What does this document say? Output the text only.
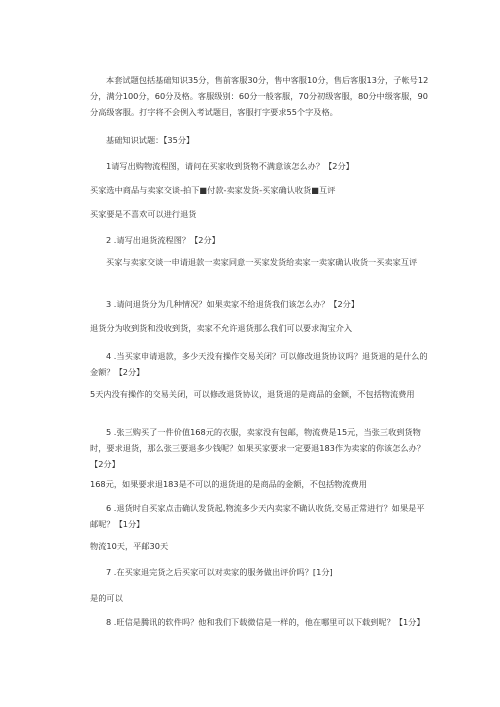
本套试题包括基础知识35分，售前客服30分，售中客服10分，售后客服13分，子帐号12分，满分100分，60分及格。客服级别：60分一般客服，70分初级客服，80分中级客服，90分高级客服。打字将不会例入考试题目，客服打字要求55个字及格。

基础知识试题：【35分】

1请写出购物流程图，请问在买家收到货物不满意该怎么办？【2分】

买家选中商品与卖家交谈-拍下■付款-卖家发货-买家确认收货■互评

买家要是不喜欢可以进行退货

2 .请写出退货流程图？【2分】

买家与卖家交谈一申请退款一卖家同意一买家发货给卖家一卖家确认收货一买卖家互评

3 .请问退货分为几种情况？如果卖家不给退货我们该怎么办？【2分】

退货分为收到货和没收到货，卖家不允许退货那么我们可以要求淘宝介入

4 .当买家申请退款，多少天没有操作交易关闭？可以修改退货协议吗？退货退的是什么的金额？【2分】

5天内没有操作的交易关闭，可以修改退货协议，退货退的是商品的金额，不包括物流费用

5 .张三购买了一件价值168元的衣服，卖家没有包邮，物流费是15元，当张三收到货物时，要求退货，那么张三要退多少钱呢？如果买家要求一定要退183作为卖家的你该怎么办？【2分】

168元，如果要求退183是不可以的退货退的是商品的金额，不包括物流费用

6 .退货时自买家点击确认发货起,物流多少天内卖家不确认收货,交易正常进行？如果是平邮呢？【1分】

物流10天，平邮30天

7 .在买家退完货之后买家可以对卖家的服务做出评价吗？[1分]

是的可以

8 .旺信是腾讯的软件吗？他和我们下载微信是一样的，他在哪里可以下载到呢？【1分】
